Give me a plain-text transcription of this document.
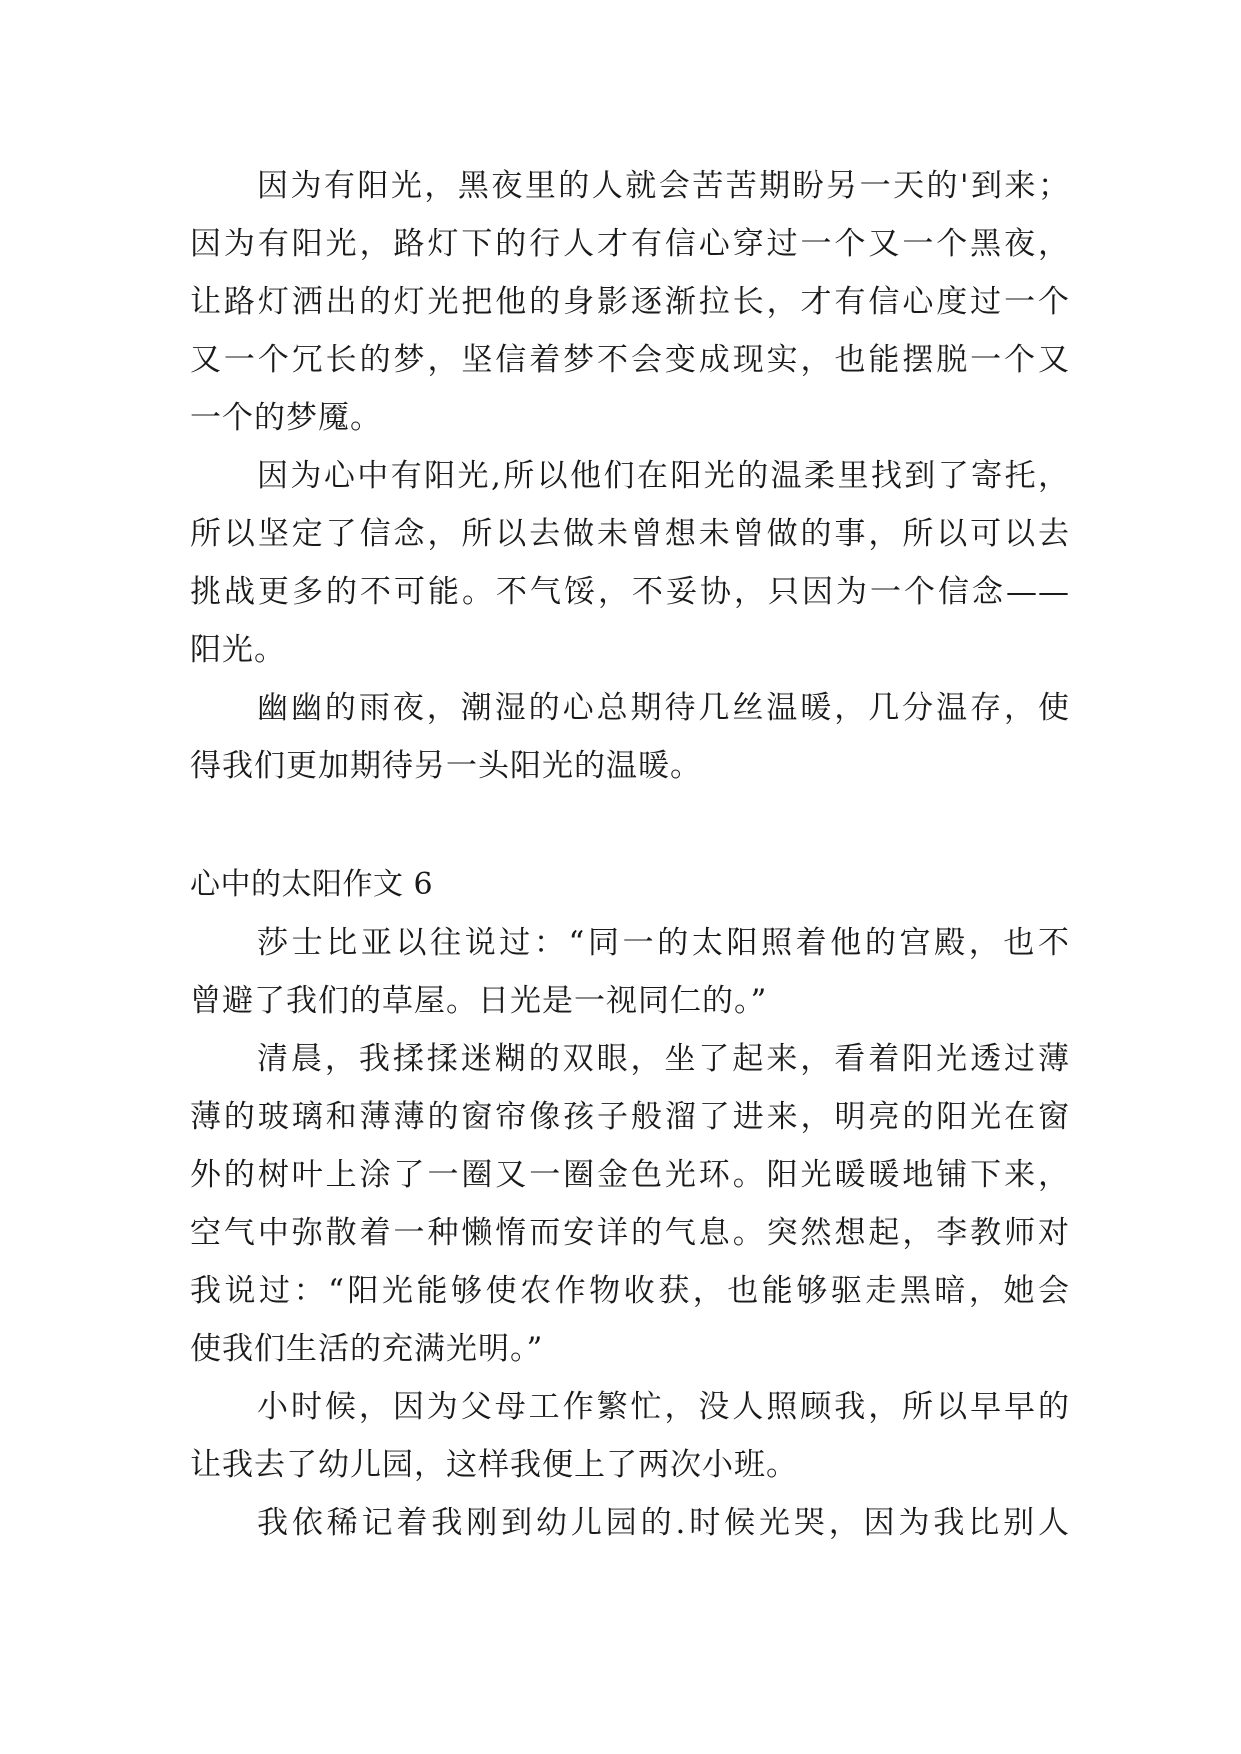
因为有阳光，黑夜里的人就会苦苦期盼另一天的'到来；
因为有阳光，路灯下的行人才有信心穿过一个又一个黑夜，
让路灯洒出的灯光把他的身影逐渐拉长，才有信心度过一个
又一个冗长的梦，坚信着梦不会变成现实，也能摆脱一个又
一个的梦魇。
因为心中有阳光,所以他们在阳光的温柔里找到了寄托，
所以坚定了信念，所以去做未曾想未曾做的事，所以可以去
挑战更多的不可能。不气馁，不妥协，只因为一个信念——
阳光。
幽幽的雨夜，潮湿的心总期待几丝温暖，几分温存，使
得我们更加期待另一头阳光的温暖。
心中的太阳作文 6
莎士比亚以往说过：“同一的太阳照着他的宫殿，也不
曾避了我们的草屋。日光是一视同仁的。”
清晨，我揉揉迷糊的双眼，坐了起来，看着阳光透过薄
薄的玻璃和薄薄的窗帘像孩子般溜了进来，明亮的阳光在窗
外的树叶上涂了一圈又一圈金色光环。阳光暖暖地铺下来，
空气中弥散着一种懒惰而安详的气息。突然想起，李教师对
我说过：“阳光能够使农作物收获，也能够驱走黑暗，她会
使我们生活的充满光明。”
小时候，因为父母工作繁忙，没人照顾我，所以早早的
让我去了幼儿园，这样我便上了两次小班。
我依稀记着我刚到幼儿园的.时候光哭，因为我比别人
